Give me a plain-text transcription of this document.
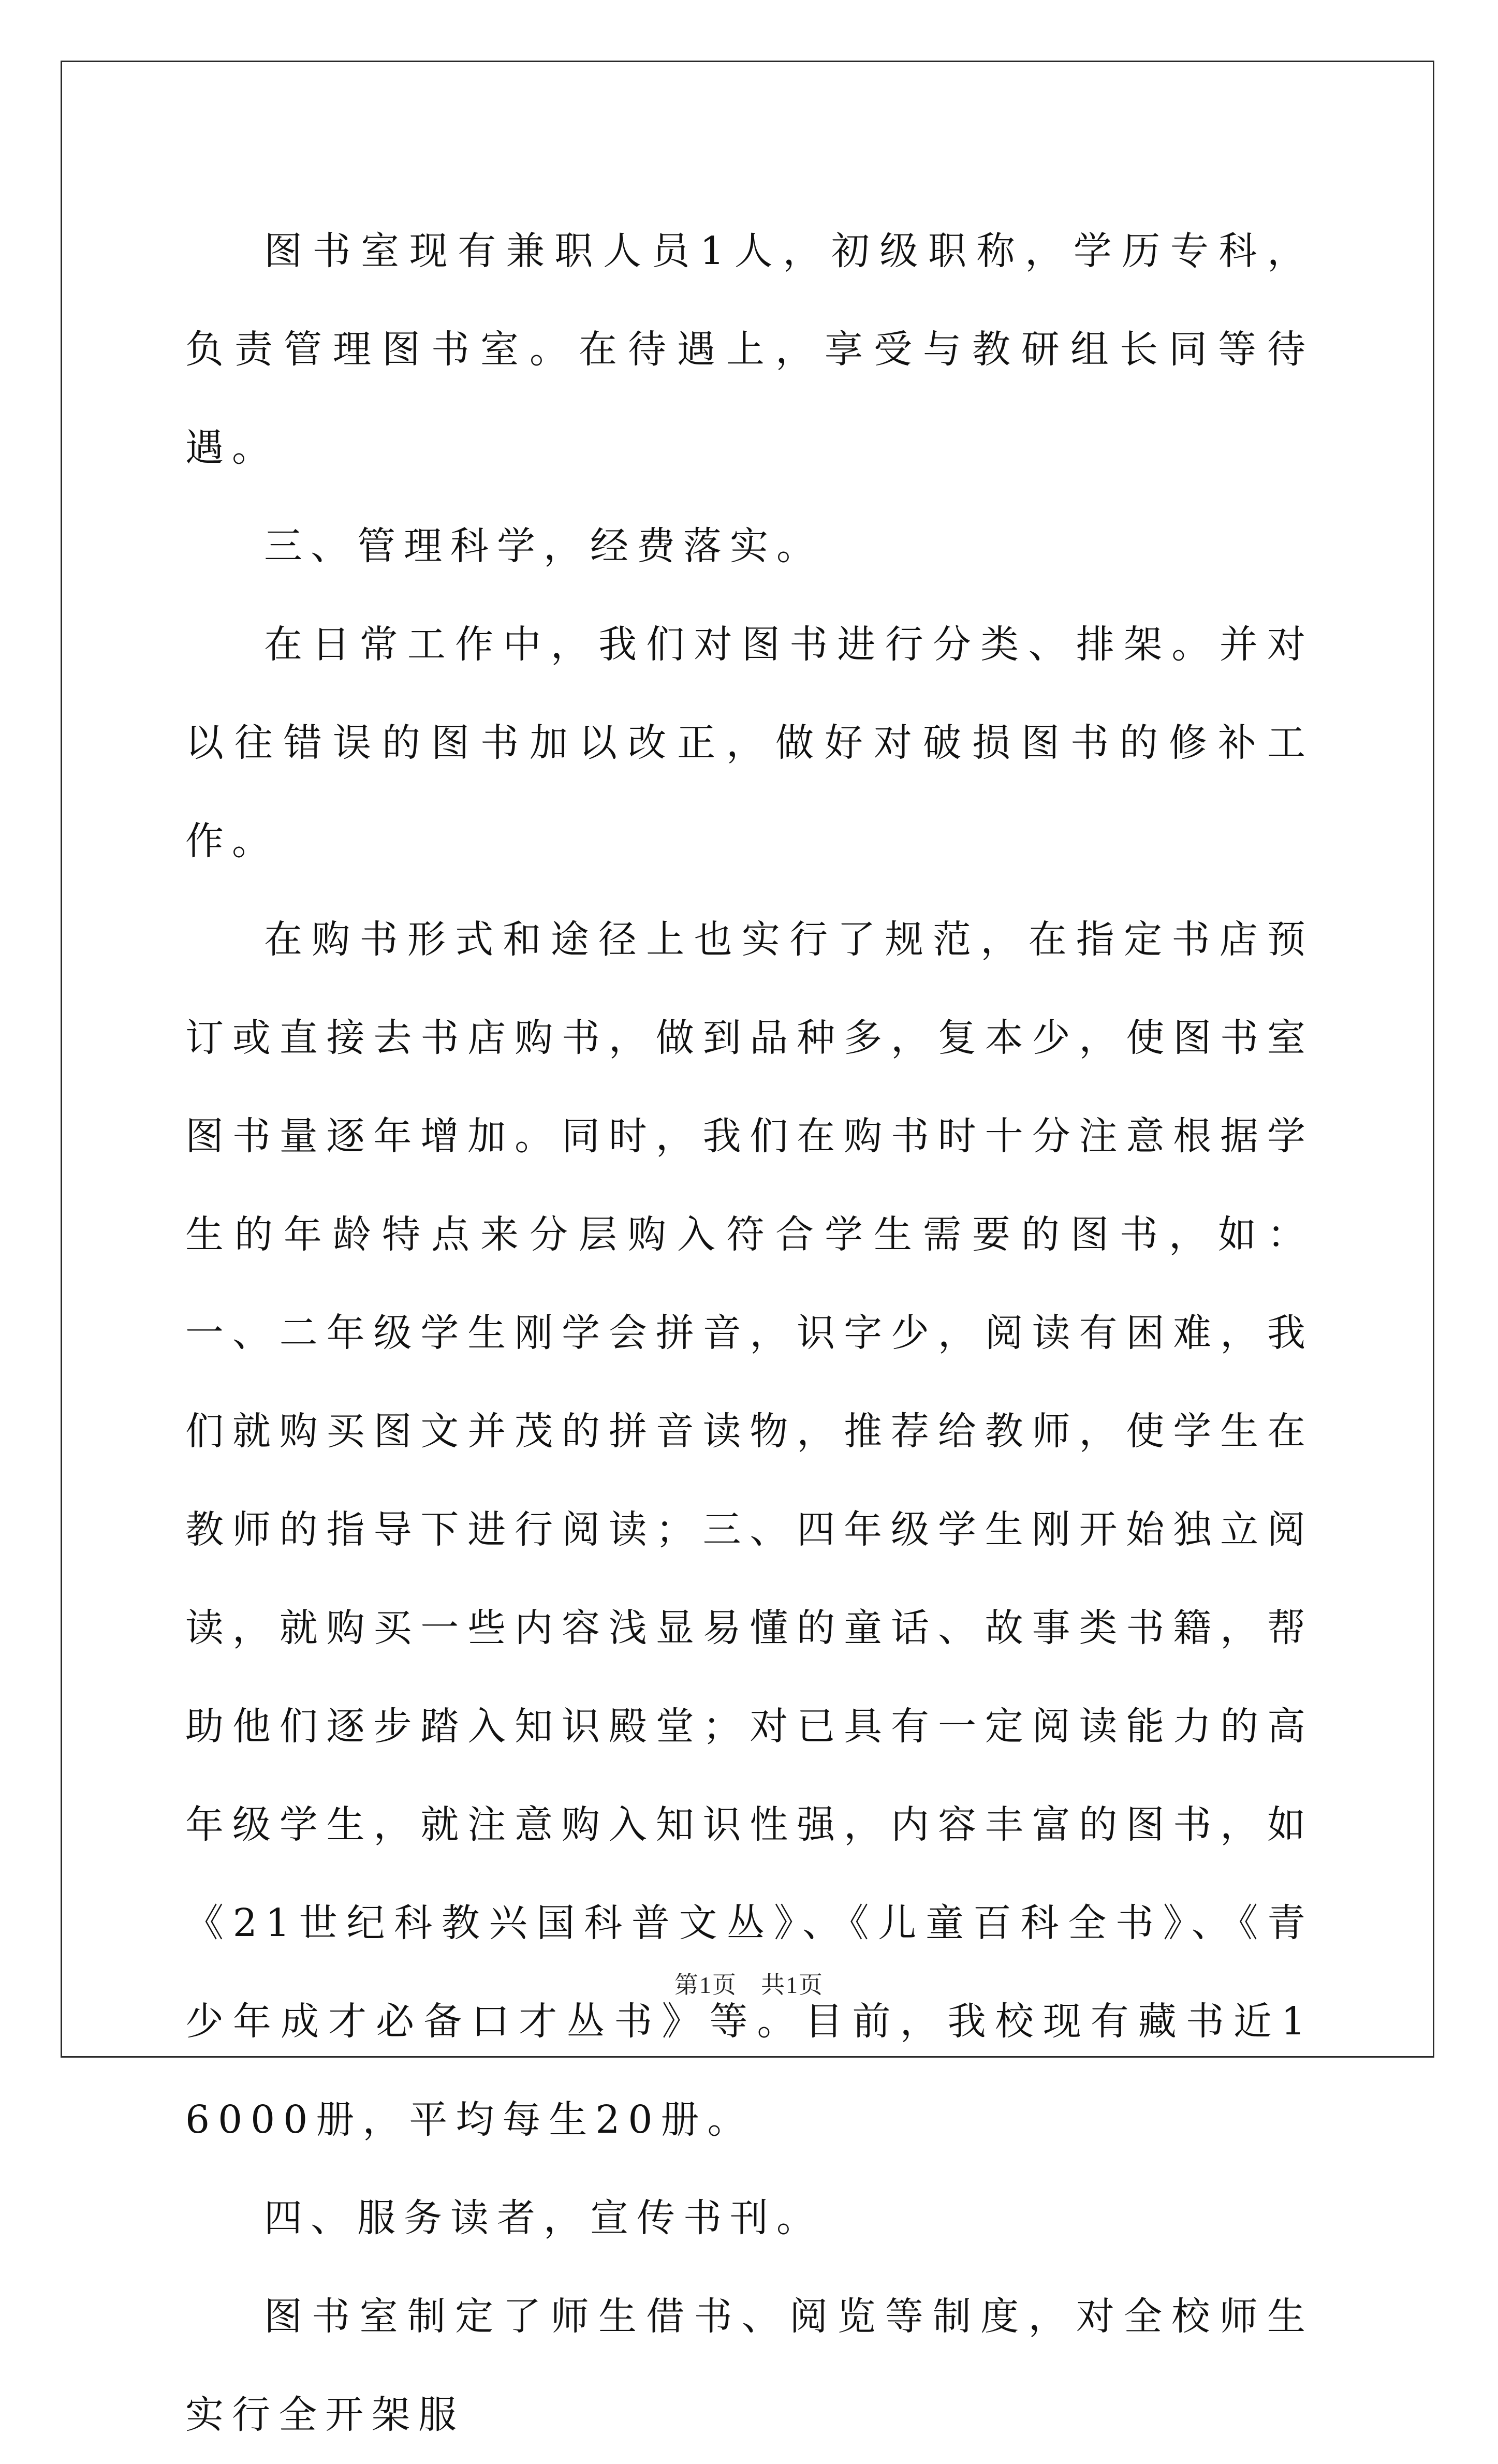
图书室现有兼职人员1人，初级职称，学历专科，负责管理图书室。在待遇上，享受与教研组长同等待遇。

三、管理科学，经费落实。

在日常工作中，我们对图书进行分类、排架。并对以往错误的图书加以改正，做好对破损图书的修补工作。

在购书形式和途径上也实行了规范，在指定书店预订或直接去书店购书，做到品种多，复本少，使图书室图书量逐年增加。同时，我们在购书时十分注意根据学生的年龄特点来分层购入符合学生需要的图书，如：一、二年级学生刚学会拼音，识字少，阅读有困难，我们就购买图文并茂的拼音读物，推荐给教师，使学生在教师的指导下进行阅读；三、四年级学生刚开始独立阅读，就购买一些内容浅显易懂的童话、故事类书籍，帮助他们逐步踏入知识殿堂；对已具有一定阅读能力的高年级学生，就注意购入知识性强，内容丰富的图书，如《21世纪科教兴国科普文丛》、《儿童百科全书》、《青少年成才必备口才丛书》等。目前，我校现有藏书近16000册，平均每生20册。

四、服务读者，宣传书刊。

图书室制定了师生借书、阅览等制度，对全校师生实行全开架服

第1页 共1页
